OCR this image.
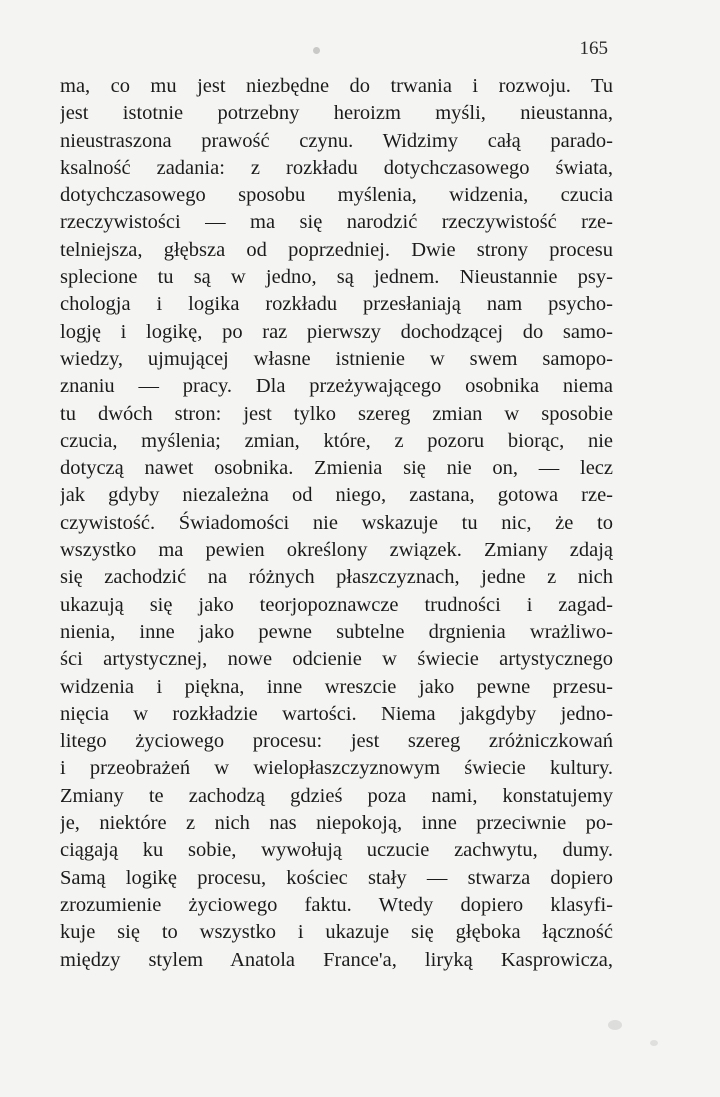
165
ma, co mu jest niezbędne do trwania i rozwoju. Tu
jest istotnie potrzebny heroizm myśli, nieustanna,
nieustraszona prawość czynu. Widzimy całą parado-
ksalność zadania: z rozkładu dotychczasowego świata,
dotychczasowego sposobu myślenia, widzenia, czucia
rzeczywistości — ma się narodzić rzeczywistość rze-
telniejsza, głębsza od poprzedniej. Dwie strony procesu
splecione tu są w jedno, są jednem. Nieustannie psy-
chologja i logika rozkładu przesłaniają nam psycho-
logję i logikę, po raz pierwszy dochodzącej do samo-
wiedzy, ujmującej własne istnienie w swem samopo-
znaniu — pracy. Dla przeżywającego osobnika niema
tu dwóch stron: jest tylko szereg zmian w sposobie
czucia, myślenia; zmian, które, z pozoru biorąc, nie
dotyczą nawet osobnika. Zmienia się nie on, — lecz
jak gdyby niezależna od niego, zastana, gotowa rze-
czywistość. Świadomości nie wskazuje tu nic, że to
wszystko ma pewien określony związek. Zmiany zdają
się zachodzić na różnych płaszczyznach, jedne z nich
ukazują się jako teorjopoznawcze trudności i zagad-
nienia, inne jako pewne subtelne drgnienia wrażliwo-
ści artystycznej, nowe odcienie w świecie artystycznego
widzenia i piękna, inne wreszcie jako pewne przesu-
nięcia w rozkładzie wartości. Niema jakgdyby jedno-
litego życiowego procesu: jest szereg zróżniczkowań
i przeobrażeń w wielopłaszczyznowym świecie kultury.
Zmiany te zachodzą gdzieś poza nami, konstatujemy
je, niektóre z nich nas niepokoją, inne przeciwnie po-
ciągają ku sobie, wywołują uczucie zachwytu, dumy.
Samą logikę procesu, kościec stały — stwarza dopiero
zrozumienie życiowego faktu. Wtedy dopiero klasyfi-
kuje się to wszystko i ukazuje się głęboka łączność
między stylem Anatola France'a, liryką Kasprowicza,
